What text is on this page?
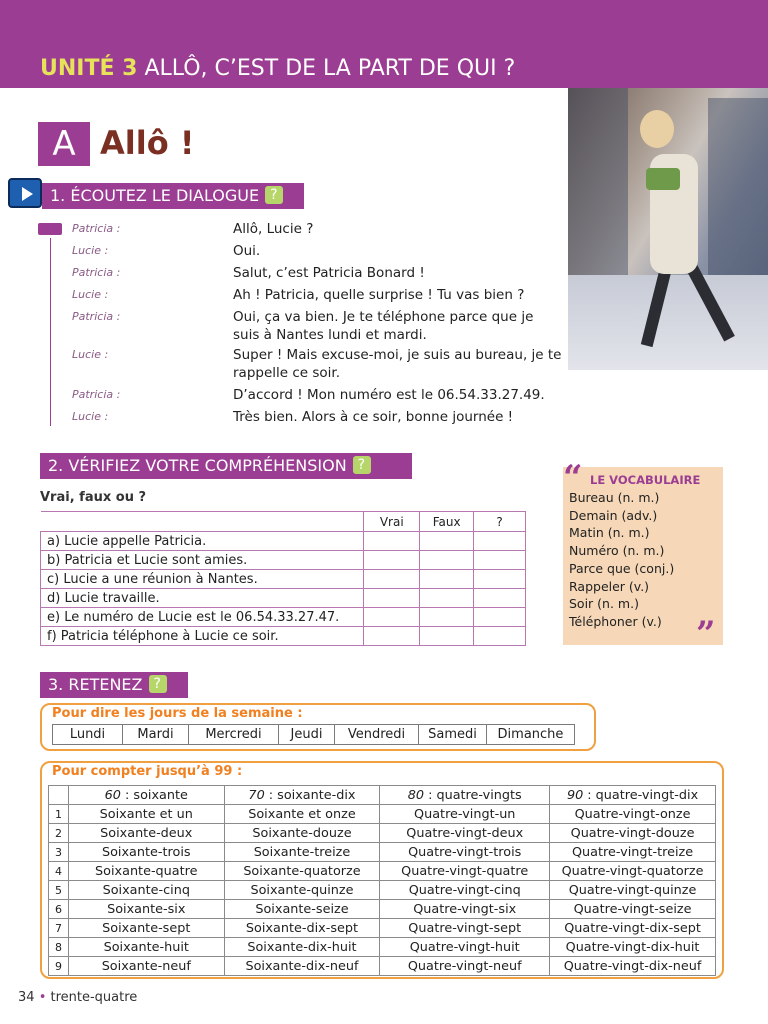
UNITÉ 3 ALLÔ, C’EST DE LA PART DE QUI ?
A Allô !
1. ÉCOUTEZ LE DIALOGUE?
Patricia :	Allô, Lucie ?
Lucie :	Oui.
Patricia :	Salut, c’est Patricia Bonard !
Lucie :	Ah ! Patricia, quelle surprise ! Tu vas bien ?
Patricia :	Oui, ça va bien. Je te téléphone parce que je suis à Nantes lundi et mardi.
Lucie :	Super ! Mais excuse-moi, je suis au bureau, je te rappelle ce soir.
Patricia :	D’accord ! Mon numéro est le 06.54.33.27.49.
Lucie :	Très bien. Alors à ce soir, bonne journée !
2. VÉRIFIEZ VOTRE COMPRÉHENSION?
Vrai, faux ou ?
	Vrai	Faux	?
a) Lucie appelle Patricia.			
b) Patricia et Lucie sont amies.			
c) Lucie a une réunion à Nantes.			
d) Lucie travaille.			
e) Le numéro de Lucie est le 06.54.33.27.47.			
f) Patricia téléphone à Lucie ce soir.			
“ LE VOCABULAIRE
Bureau (n. m.)
Demain (adv.)
Matin (n. m.)
Numéro (n. m.)
Parce que (conj.)
Rappeler (v.)
Soir (n. m.)
Téléphoner (v.)	”
3. RETENEZ?
Pour dire les jours de la semaine :
Lundi	Mardi	Mercredi	Jeudi	Vendredi	Samedi	Dimanche
Pour compter jusqu’à 99 :
	60 : soixante	70 : soixante-dix	80 : quatre-vingts	90 : quatre-vingt-dix
1	Soixante et un	Soixante et onze	Quatre-vingt-un	Quatre-vingt-onze
2	Soixante-deux	Soixante-douze	Quatre-vingt-deux	Quatre-vingt-douze
3	Soixante-trois	Soixante-treize	Quatre-vingt-trois	Quatre-vingt-treize
4	Soixante-quatre	Soixante-quatorze	Quatre-vingt-quatre	Quatre-vingt-quatorze
5	Soixante-cinq	Soixante-quinze	Quatre-vingt-cinq	Quatre-vingt-quinze
6	Soixante-six	Soixante-seize	Quatre-vingt-six	Quatre-vingt-seize
7	Soixante-sept	Soixante-dix-sept	Quatre-vingt-sept	Quatre-vingt-dix-sept
8	Soixante-huit	Soixante-dix-huit	Quatre-vingt-huit	Quatre-vingt-dix-huit
9	Soixante-neuf	Soixante-dix-neuf	Quatre-vingt-neuf	Quatre-vingt-dix-neuf
34 • trente-quatre
